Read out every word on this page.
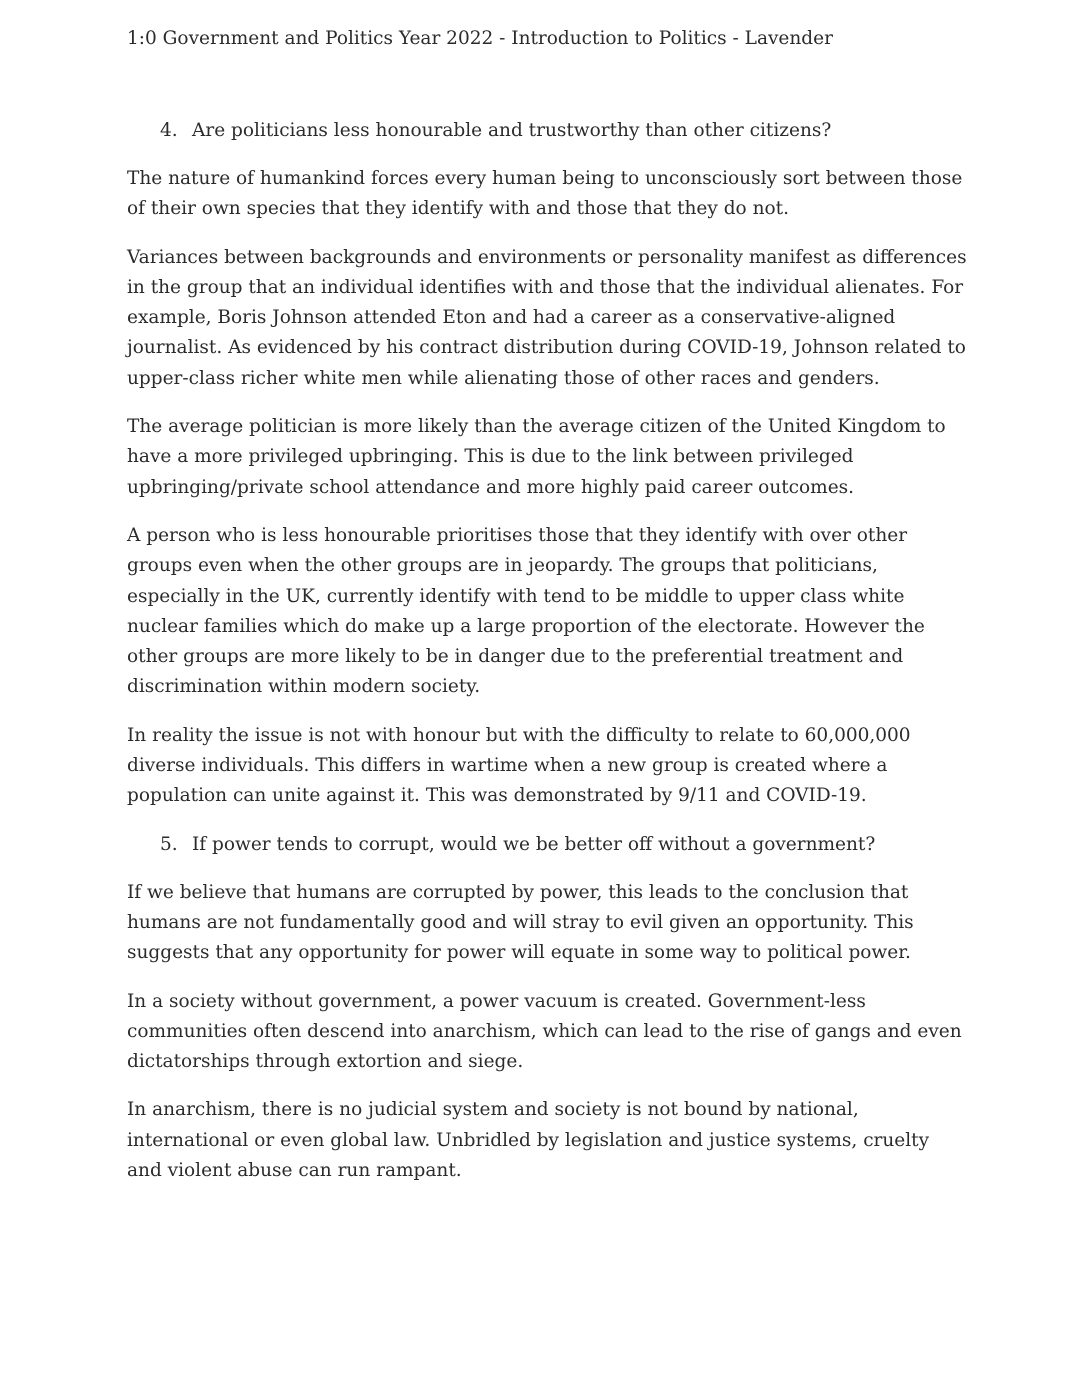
1:0 Government and Politics Year 2022 - Introduction to Politics - Lavender
4. Are politicians less honourable and trustworthy than other citizens?

The nature of humankind forces every human being to unconsciously sort between those of their own species that they identify with and those that they do not.

Variances between backgrounds and environments or personality manifest as differences in the group that an individual identifies with and those that the individual alienates. For example, Boris Johnson attended Eton and had a career as a conservative-aligned journalist. As evidenced by his contract distribution during COVID-19, Johnson related to upper-class richer white men while alienating those of other races and genders.

The average politician is more likely than the average citizen of the United Kingdom to have a more privileged upbringing. This is due to the link between privileged upbringing/private school attendance and more highly paid career outcomes.

A person who is less honourable prioritises those that they identify with over other groups even when the other groups are in jeopardy. The groups that politicians, especially in the UK, currently identify with tend to be middle to upper class white nuclear families which do make up a large proportion of the electorate. However the other groups are more likely to be in danger due to the preferential treatment and discrimination within modern society.

In reality the issue is not with honour but with the difficulty to relate to 60,000,000 diverse individuals. This differs in wartime when a new group is created where a population can unite against it. This was demonstrated by 9/11 and COVID-19.

5. If power tends to corrupt, would we be better off without a government?

If we believe that humans are corrupted by power, this leads to the conclusion that humans are not fundamentally good and will stray to evil given an opportunity. This suggests that any opportunity for power will equate in some way to political power.

In a society without government, a power vacuum is created. Government-less communities often descend into anarchism, which can lead to the rise of gangs and even dictatorships through extortion and siege.

In anarchism, there is no judicial system and society is not bound by national, international or even global law. Unbridled by legislation and justice systems, cruelty and violent abuse can run rampant.
